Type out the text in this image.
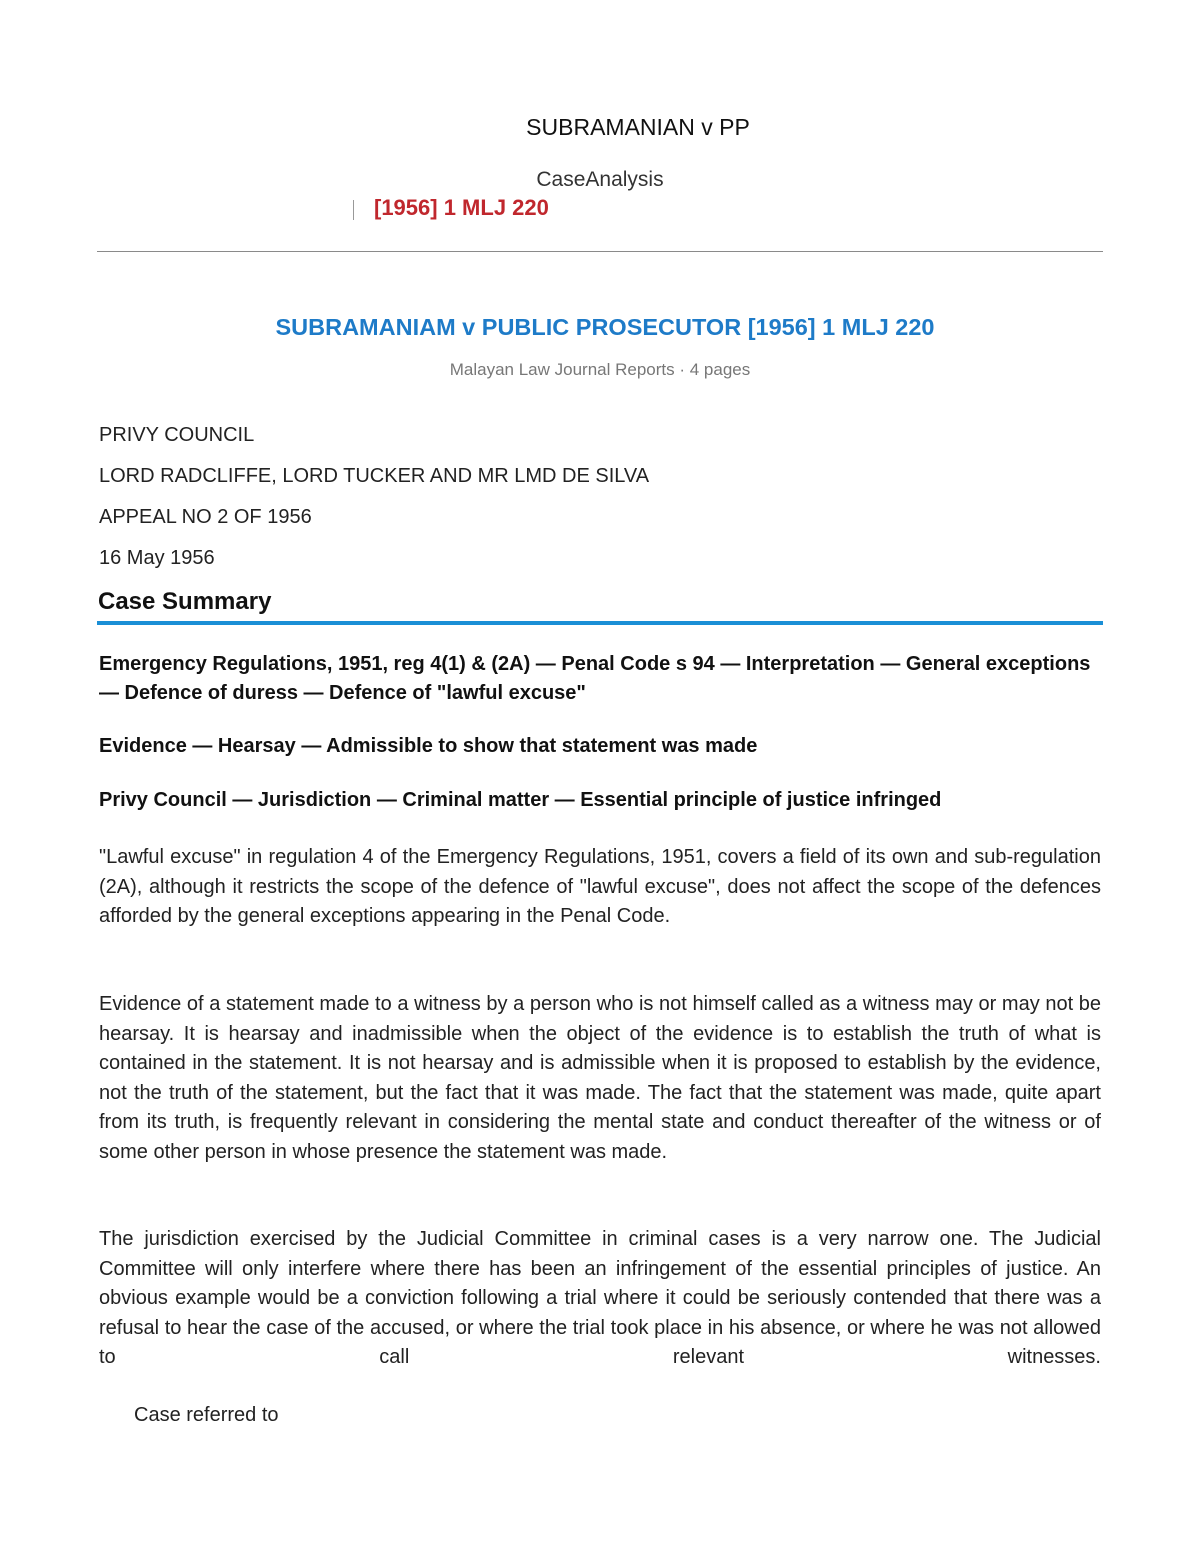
SUBRAMANIAN v PP
CaseAnalysis
[1956] 1 MLJ 220
SUBRAMANIAM v PUBLIC PROSECUTOR [1956] 1 MLJ 220
Malayan Law Journal Reports · 4 pages
PRIVY COUNCIL
LORD RADCLIFFE, LORD TUCKER AND MR LMD DE SILVA
APPEAL NO 2 OF 1956
16 May 1956
Case Summary
Emergency Regulations, 1951, reg 4(1) & (2A) — Penal Code s 94 — Interpretation — General exceptions — Defence of duress — Defence of "lawful excuse"
Evidence — Hearsay — Admissible to show that statement was made
Privy Council — Jurisdiction — Criminal matter — Essential principle of justice infringed
"Lawful excuse" in regulation 4 of the Emergency Regulations, 1951, covers a field of its own and sub-regulation (2A), although it restricts the scope of the defence of "lawful excuse", does not affect the scope of the defences afforded by the general exceptions appearing in the Penal Code.
Evidence of a statement made to a witness by a person who is not himself called as a witness may or may not be hearsay. It is hearsay and inadmissible when the object of the evidence is to establish the truth of what is contained in the statement. It is not hearsay and is admissible when it is proposed to establish by the evidence, not the truth of the statement, but the fact that it was made. The fact that the statement was made, quite apart from its truth, is frequently relevant in considering the mental state and conduct thereafter of the witness or of some other person in whose presence the statement was made.
The jurisdiction exercised by the Judicial Committee in criminal cases is a very narrow one. The Judicial Committee will only interfere where there has been an infringement of the essential principles of justice. An obvious example would be a conviction following a trial where it could be seriously contended that there was a refusal to hear the case of the accused, or where the trial took place in his absence, or where he was not allowed to call relevant witnesses.
Case referred to
